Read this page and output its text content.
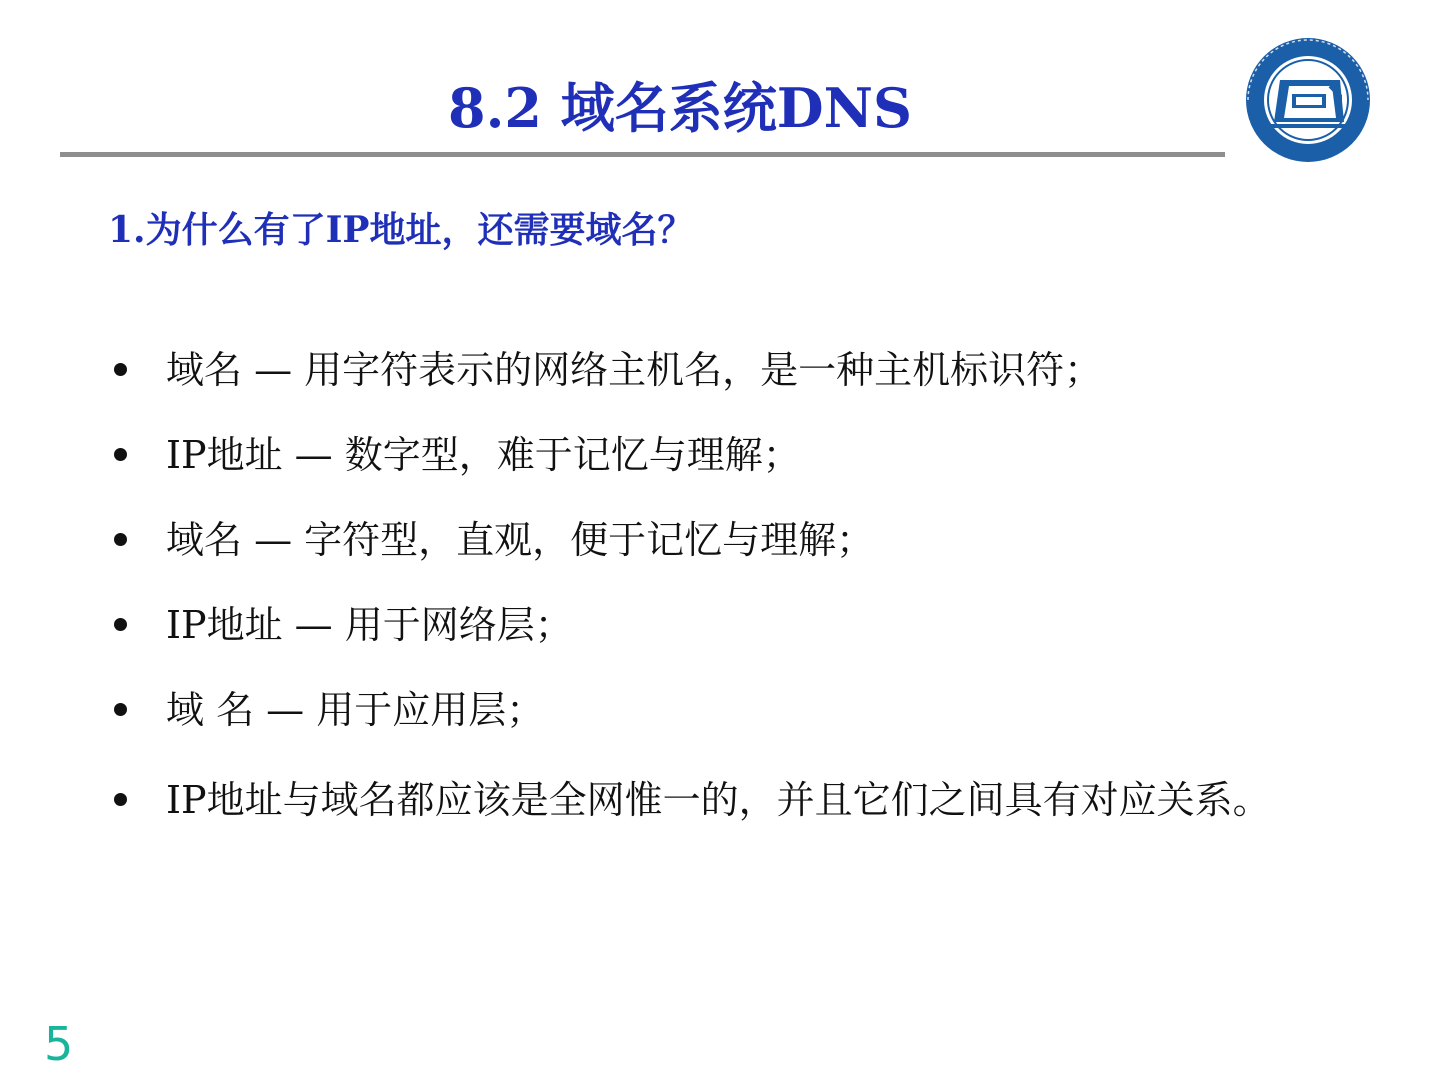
8.2 域名系统DNS
1.为什么有了IP地址，还需要域名？
域名 — 用字符表示的网络主机名，是一种主机标识符；
IP地址 — 数字型，难于记忆与理解；
域名 — 字符型，直观，便于记忆与理解；
IP地址 — 用于网络层；
域 名 — 用于应用层；
IP地址与域名都应该是全网惟一的，并且它们之间具有对应关系。
5
